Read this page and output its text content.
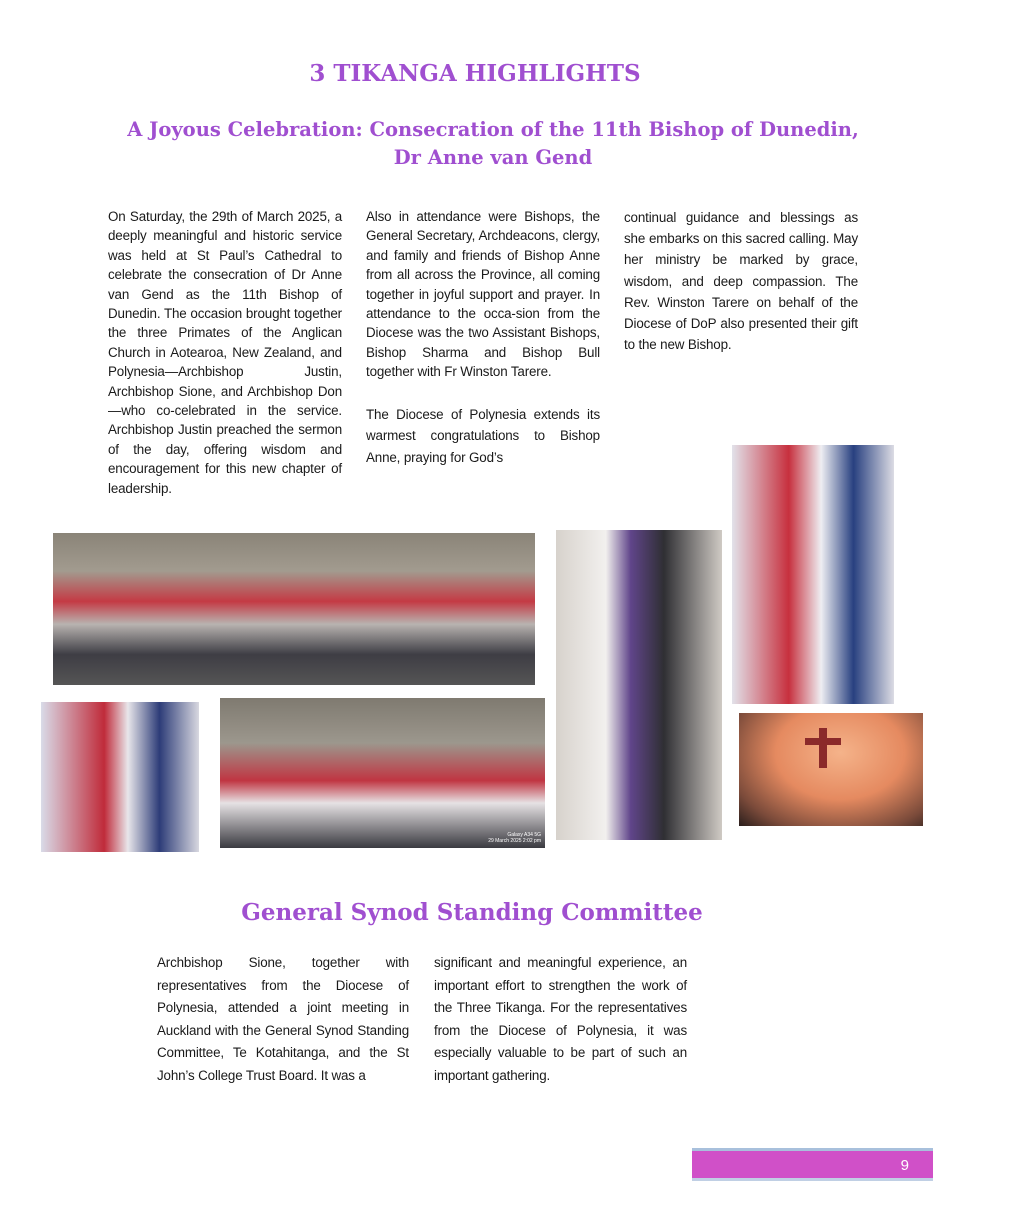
3 TIKANGA HIGHLIGHTS
A Joyous Celebration: Consecration of the 11th Bishop of Dunedin, Dr Anne van Gend

On Saturday, the 29th of March 2025, a deeply meaningful and historic service was held at St Paul’s Cathedral to celebrate the consecration of Dr Anne van Gend as the 11th Bishop of Dunedin. The occasion brought together the three Primates of the Anglican Church in Aotearoa, New Zealand, and Polynesia—Archbishop Justin, Archbishop Sione, and Archbishop Don—who co-celebrated in the service. Archbishop Justin preached the sermon of the day, offering wisdom and encouragement for this new chapter of leadership.

Also in attendance were Bishops, the General Secretary, Archdeacons, clergy, and family and friends of Bishop Anne from all across the Province, all coming together in joyful support and prayer. In attendance to the occa-sion from the Diocese was the two Assistant Bishops, Bishop Sharma and Bishop Bull together with Fr Winston Tarere.

The Diocese of Polynesia extends its warmest congratulations to Bishop Anne, praying for God’s

continual guidance and blessings as she embarks on this sacred calling. May her ministry be marked by grace, wisdom, and deep compassion. The Rev. Winston Tarere on behalf of the Diocese of DoP also presented their gift to the new Bishop.

Galaxy A34 5G
29 March 2025 2:02 pm
General Synod Standing Committee

Archbishop Sione, together with representatives from the Diocese of Polynesia, attended a joint meeting in Auckland with the General Synod Standing Committee, Te Kotahitanga, and the St John’s College Trust Board. It was a

significant and meaningful experience, an important effort to strengthen the work of the Three Tikanga. For the representatives from the Diocese of Polynesia, it was especially valuable to be part of such an important gathering.

9
